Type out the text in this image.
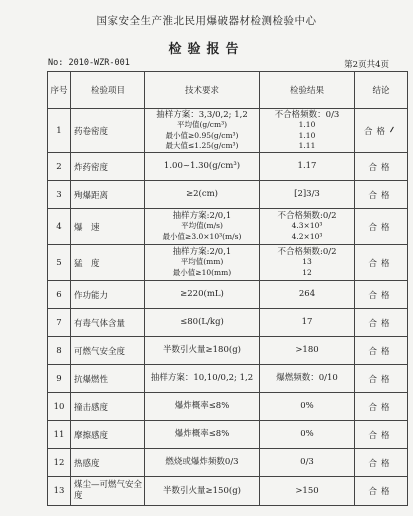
国家安全生产淮北民用爆破器材检测检验中心
检验报告
No: 2010-WZR-001	第2页共4页
序号	检验项目	技术要求	检验结果	结论
1	药卷密度	抽样方案：3,3/0,2; 1,2
平均值(g/cm³)
最小值≥0.95(g/cm³)
最大值≤1.25(g/cm³)	不合格频数：0/3
1.10
1.10
1.11	合格
2	炸药密度	1.00~1.30(g/cm³)	1.17	合格
3	殉爆距离	≥2(cm)	[2]3/3	合格
4	爆　速	抽样方案:2/0,1
平均值(m/s)
最小值≥3.0×10³(m/s)	不合格频数:0/2
4.3×10³
4.2×10³	合格
5	猛　度	抽样方案:2/0,1
平均值(mm)
最小值≥10(mm)	不合格频数:0/2
13
12	合格
6	作功能力	≥220(mL)	264	合格
7	有毒气体含量	≤80(L/kg)	17	合格
8	可燃气安全度	半数引火量≥180(g)	>180	合格
9	抗爆燃性	抽样方案：10,10/0,2; 1,2	爆燃频数：0/10	合格
10	撞击感度	爆炸概率≤8%	0%	合格
11	摩擦感度	爆炸概率≤8%	0%	合格
12	热感度	燃烧或爆炸频数0/3	0/3	合格
13	煤尘—可燃气安全度	半数引火量≥150(g)	>150	合格
